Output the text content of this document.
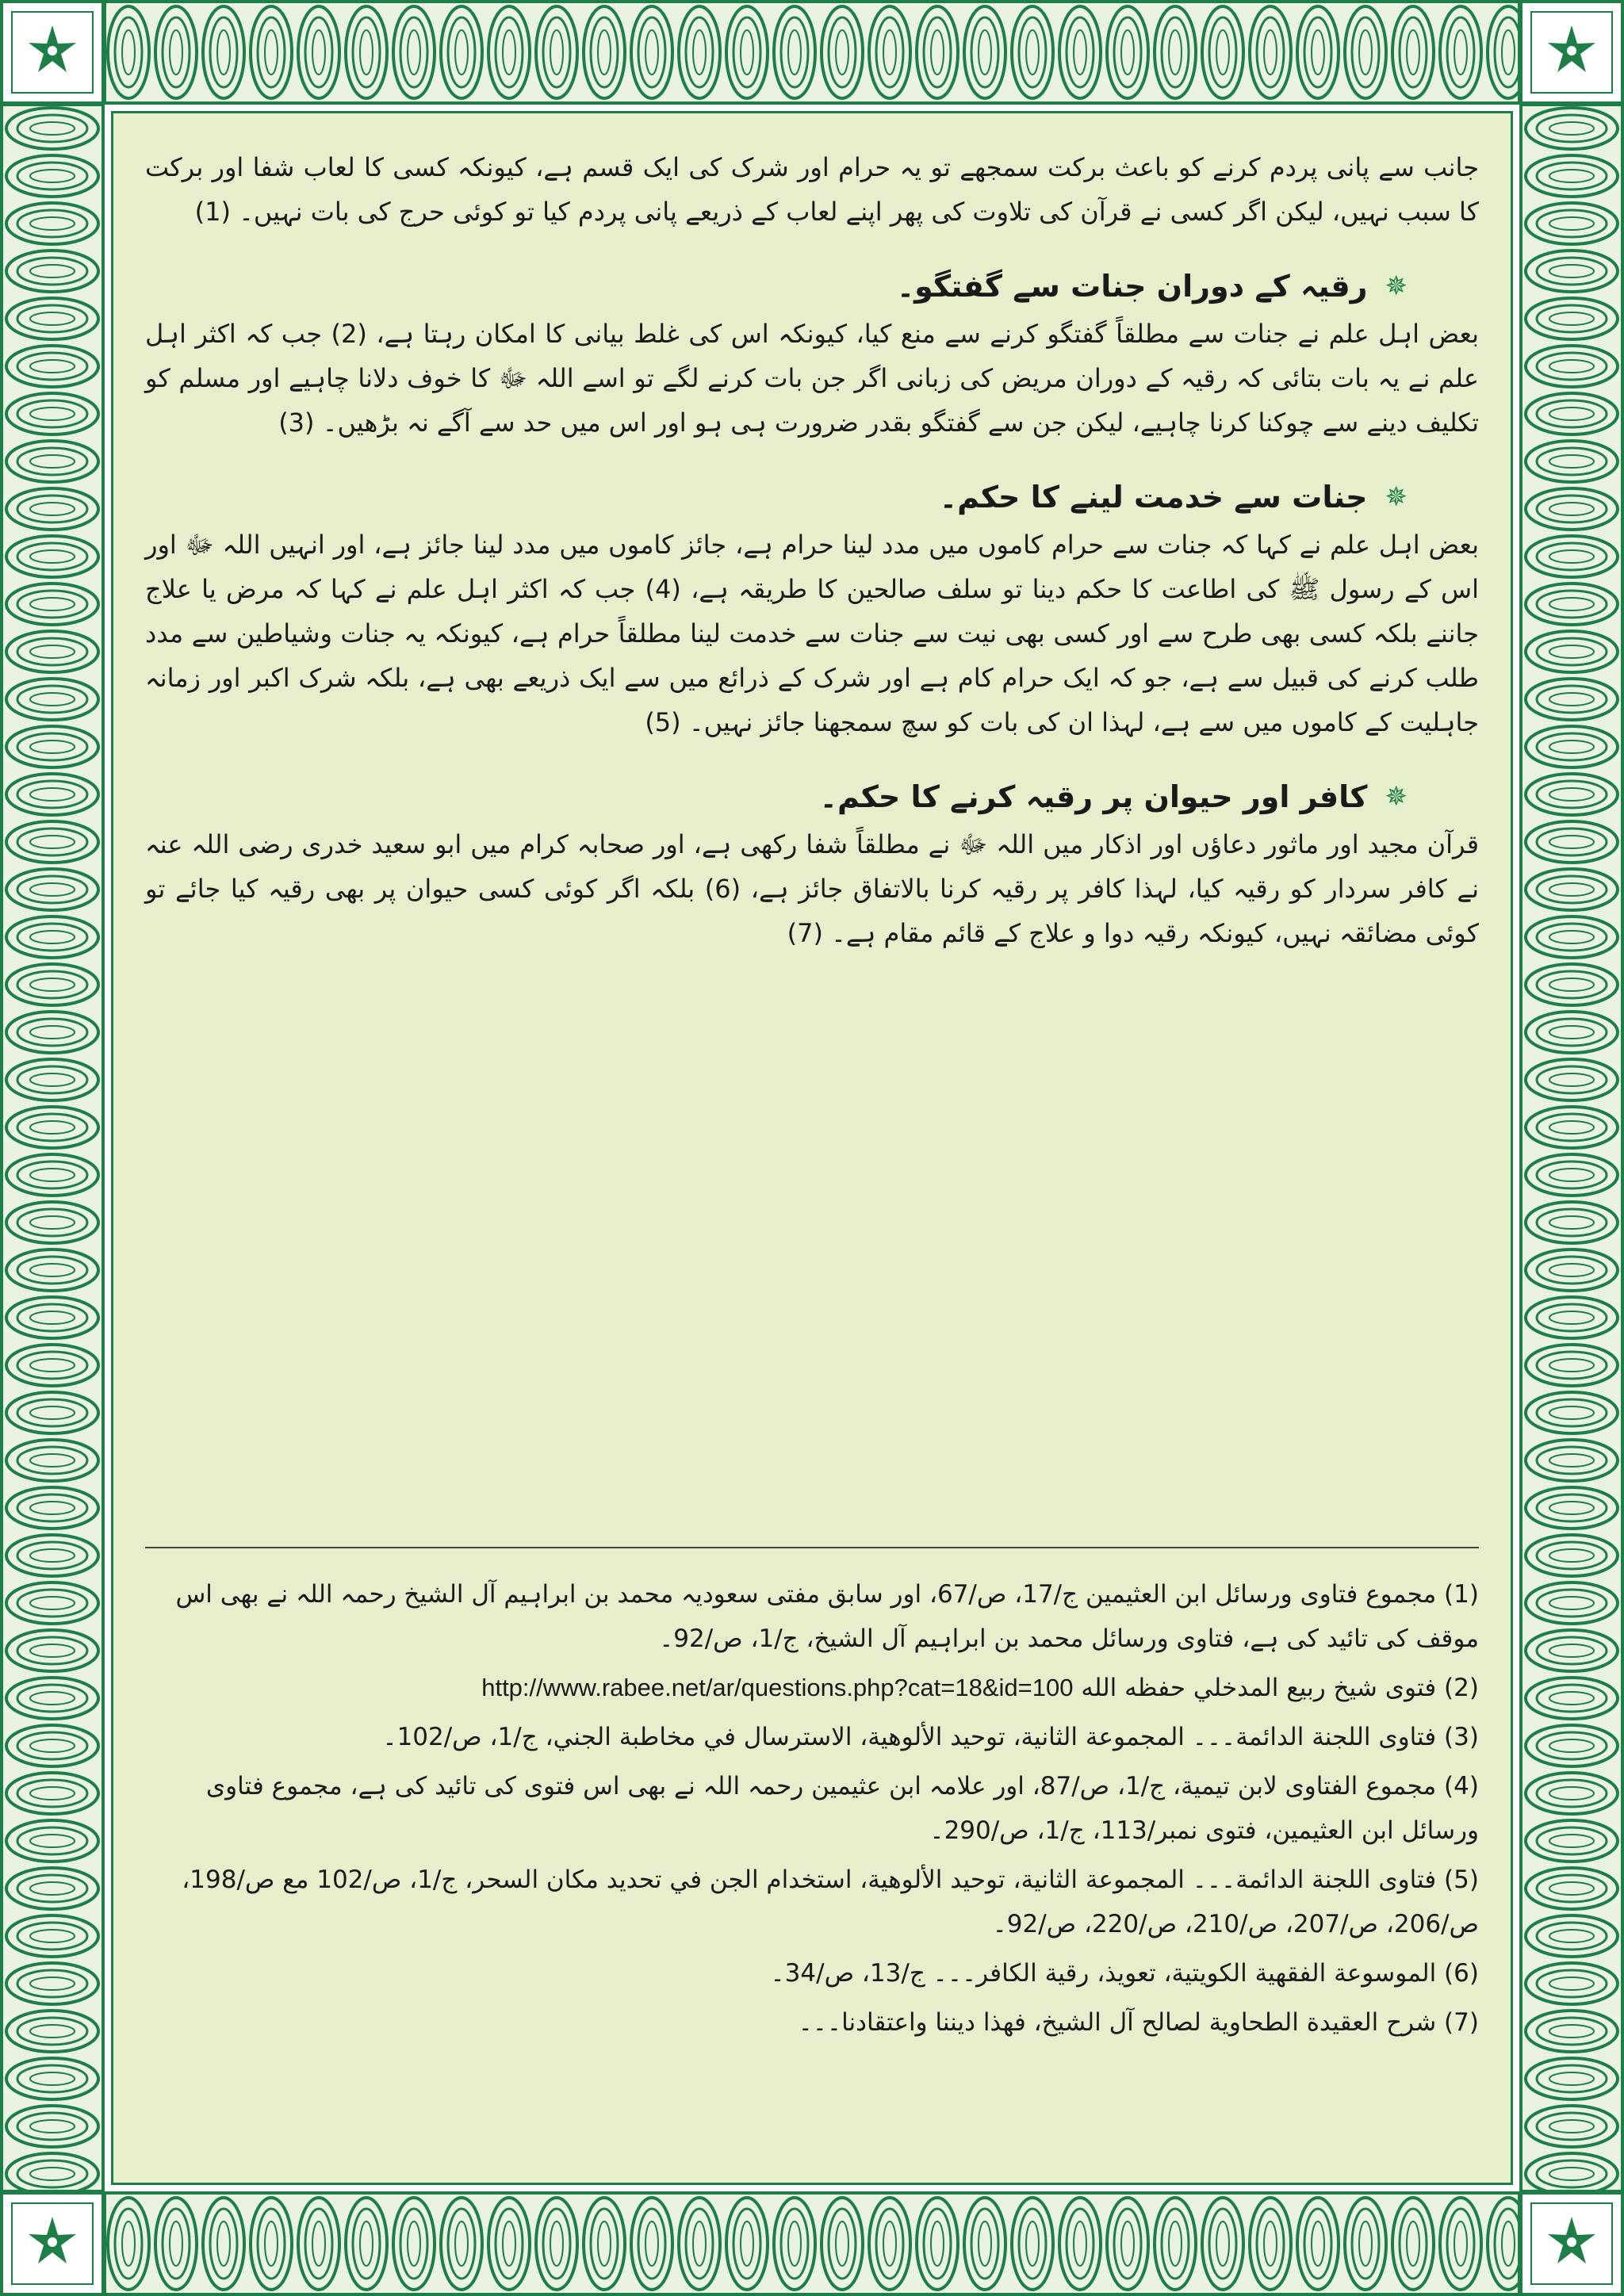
جانب سے پانی پردم کرنے کو باعث برکت سمجھے تو یہ حرام اور شرک کی ایک قسم ہے، کیونکہ کسی کا لعاب شفا اور برکت کا سبب نہیں، لیکن اگر کسی نے قرآن کی تلاوت کی پھر اپنے لعاب کے ذریعے پانی پردم کیا تو کوئی حرج کی بات نہیں۔ (1)

✵
رقیہ کے دوران جنات سے گفتگو۔

بعض اہل علم نے جنات سے مطلقاً گفتگو کرنے سے منع کیا، کیونکہ اس کی غلط بیانی کا امکان رہتا ہے، (2) جب کہ اکثر اہل علم نے یہ بات بتائی کہ رقیہ کے دوران مریض کی زبانی اگر جن بات کرنے لگے تو اسے اللہ ﷻ کا خوف دلانا چاہیے اور مسلم کو تکلیف دینے سے چوکنا کرنا چاہیے، لیکن جن سے گفتگو بقدر ضرورت ہی ہو اور اس میں حد سے آگے نہ بڑھیں۔ (3)

✵
جنات سے خدمت لینے کا حکم۔

بعض اہل علم نے کہا کہ جنات سے حرام کاموں میں مدد لینا حرام ہے، جائز کاموں میں مدد لینا جائز ہے، اور انہیں اللہ ﷻ اور اس کے رسول ﷺ کی اطاعت کا حکم دینا تو سلف صالحین کا طریقہ ہے، (4) جب کہ اکثر اہل علم نے کہا کہ مرض یا علاج جاننے بلکہ کسی بھی طرح سے اور کسی بھی نیت سے جنات سے خدمت لینا مطلقاً حرام ہے، کیونکہ یہ جنات وشیاطین سے مدد طلب کرنے کی قبیل سے ہے، جو کہ ایک حرام کام ہے اور شرک کے ذرائع میں سے ایک ذریعے بھی ہے، بلکہ شرک اکبر اور زمانہ جاہلیت کے کاموں میں سے ہے، لہذا ان کی بات کو سچ سمجھنا جائز نہیں۔ (5)

✵
کافر اور حیوان پر رقیہ کرنے کا حکم۔

قرآن مجید اور ماثور دعاؤں اور اذکار میں اللہ ﷻ نے مطلقاً شفا رکھی ہے، اور صحابہ کرام میں ابو سعید خدری رضی اللہ عنہ نے کافر سردار کو رقیہ کیا، لہذا کافر پر رقیہ کرنا بالاتفاق جائز ہے، (6) بلکہ اگر کوئی کسی حیوان پر بھی رقیہ کیا جائے تو کوئی مضائقہ نہیں، کیونکہ رقیہ دوا و علاج کے قائم مقام ہے۔ (7)

(1) مجموع فتاوی ورسائل ابن العثیمین ج/17، ص/67، اور سابق مفتی سعودیہ محمد بن ابراہیم آل الشیخ رحمہ اللہ نے بھی اس موقف کی تائید کی ہے، فتاوی ورسائل محمد بن ابراہیم آل الشیخ، ج/1، ص/92۔

(2) فتوی شیخ ربیع المدخلي حفظه الله http://www.rabee.net/ar/questions.php?cat=18&id=100

(3) فتاوی اللجنة الدائمة۔۔۔ المجموعة الثانية، توحيد الألوهية، الاسترسال في مخاطبة الجني، ج/1، ص/102۔

(4) مجموع الفتاوی لابن تیمیة، ج/1، ص/87، اور علامہ ابن عثیمین رحمہ اللہ نے بھی اس فتوی کی تائید کی ہے، مجموع فتاوی ورسائل ابن العثیمین، فتوی نمبر/113، ج/1، ص/290۔

(5) فتاوی اللجنة الدائمة۔۔۔ المجموعة الثانية، توحيد الألوهية، استخدام الجن في تحديد مكان السحر، ج/1، ص/102 مع ص/198، ص/206، ص/207، ص/210، ص/220، ص/92۔

(6) الموسوعة الفقهية الكويتية، تعويذ، رقية الكافر۔۔۔ ج/13، ص/34۔

(7) شرح العقيدة الطحاوية لصالح آل الشيخ، فهذا ديننا واعتقادنا۔۔۔
